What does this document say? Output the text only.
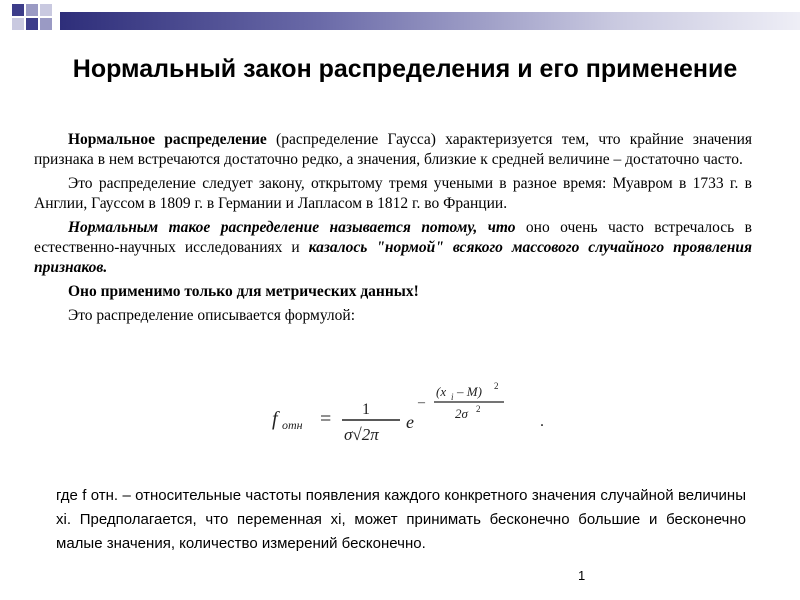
Нормальный закон распределения и его применение

Нормальное распределение (распределение Гаусса) характеризуется тем, что крайние значения признака в нем встречаются достаточно редко, а значения, близкие к средней величине – достаточно часто.

Это распределение следует закону, открытому тремя учеными в разное время: Муавром в 1733 г. в Англии, Гауссом в 1809 г. в Германии и Лапласом в 1812 г. во Франции.

Нормальным такое распределение называется потому, что оно очень часто встречалось в естественно-научных исследованиях и казалось "нормой" всякого массового случайного проявления признаков.

Оно применимо только для метрических данных!

Это распределение описывается формулой:

f отн = 1
σ√2π
e
–
(x i – M) 2
2σ 2
.
где f отн. – относительные частоты появления каждого конкретного значения случайной величины xi. Предполагается, что переменная xi, может принимать бесконечно большие и бесконечно малые значения, количество измерений бесконечно.
1
